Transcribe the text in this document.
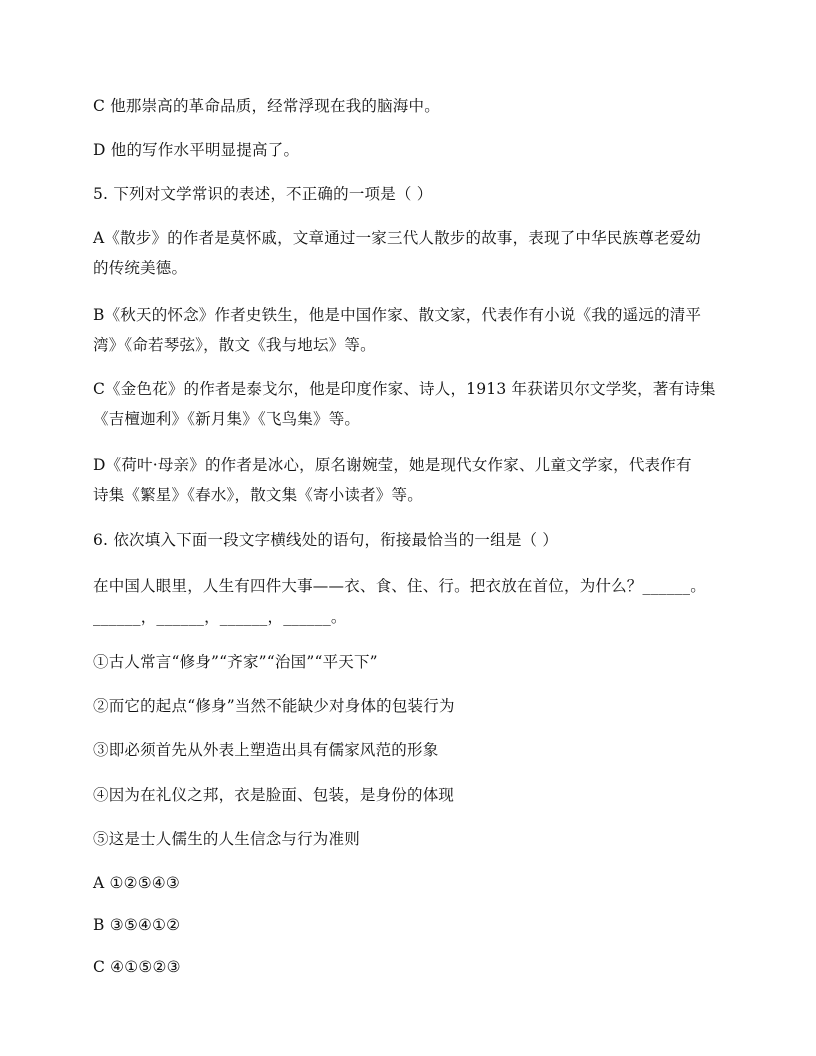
C 他那崇高的革命品质，经常浮现在我的脑海中。
D 他的写作水平明显提高了。
5. 下列对文学常识的表述，不正确的一项是（ ）
A《散步》的作者是莫怀戚，文章通过一家三代人散步的故事，表现了中华民族尊老爱幼
的传统美德。
B《秋天的怀念》作者史铁生，他是中国作家、散文家，代表作有小说《我的遥远的清平
湾》《命若琴弦》，散文《我与地坛》等。
C《金色花》的作者是泰戈尔，他是印度作家、诗人，1913 年获诺贝尔文学奖，著有诗集
《吉檀迦利》《新月集》《飞鸟集》等。
D《荷叶·母亲》的作者是冰心，原名谢婉莹，她是现代女作家、儿童文学家，代表作有
诗集《繁星》《春水》，散文集《寄小读者》等。
6. 依次填入下面一段文字横线处的语句，衔接最恰当的一组是（ ）
在中国人眼里，人生有四件大事——衣、食、住、行。把衣放在首位，为什么？______。
______，______，______，______。
①古人常言“修身”“齐家”“治国”“平天下”
②而它的起点“修身”当然不能缺少对身体的包装行为
③即必须首先从外表上塑造出具有儒家风范的形象
④因为在礼仪之邦，衣是脸面、包装，是身份的体现
⑤这是士人儒生的人生信念与行为准则
A ①②⑤④③
B ③⑤④①②
C ④①⑤②③
